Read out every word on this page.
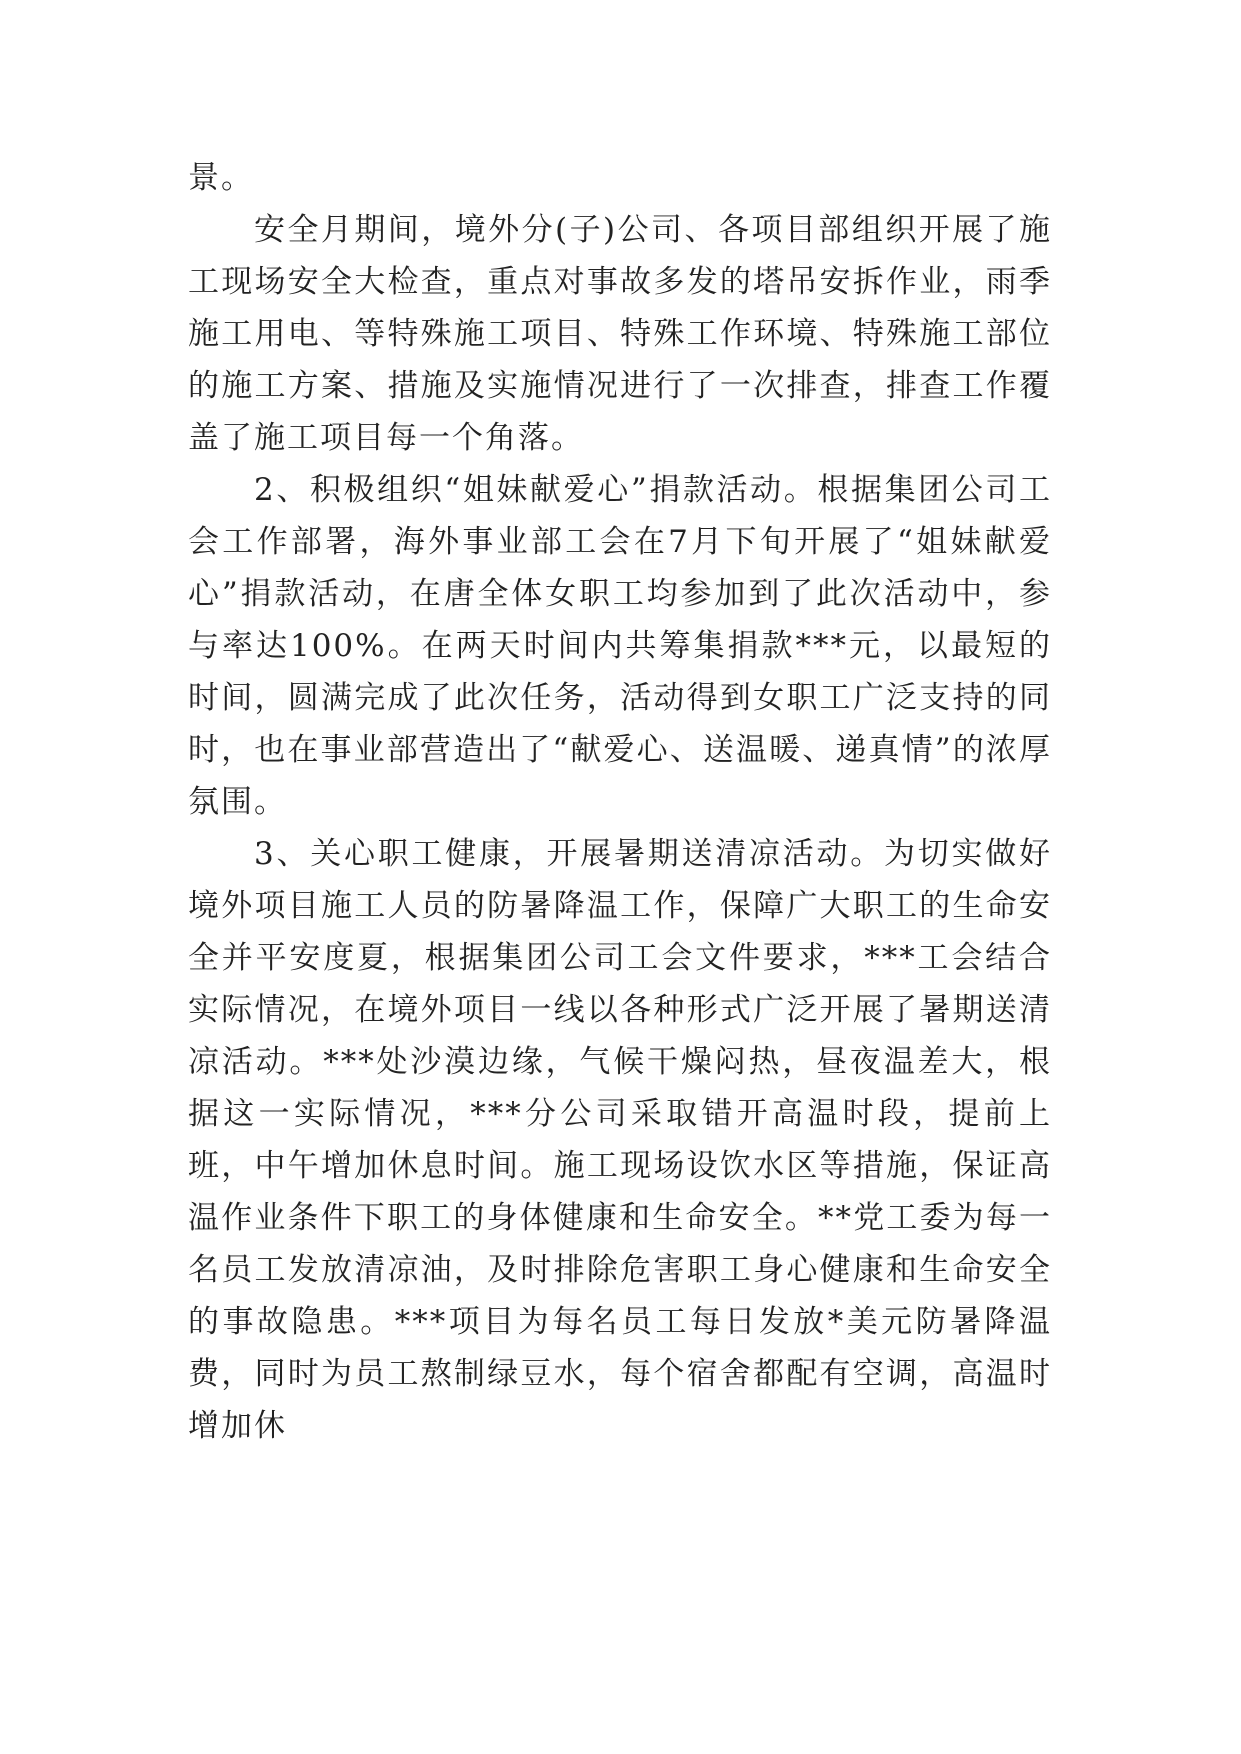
景。

安全月期间，境外分(子)公司、各项目部组织开展了施工现场安全大检查，重点对事故多发的塔吊安拆作业，雨季施工用电、等特殊施工项目、特殊工作环境、特殊施工部位的施工方案、措施及实施情况进行了一次排查，排查工作覆盖了施工项目每一个角落。

2、积极组织“姐妹献爱心”捐款活动。根据集团公司工会工作部署，海外事业部工会在7月下旬开展了“姐妹献爱心”捐款活动，在唐全体女职工均参加到了此次活动中，参与率达100%。在两天时间内共筹集捐款***元，以最短的时间，圆满完成了此次任务，活动得到女职工广泛支持的同时，也在事业部营造出了“献爱心、送温暖、递真情”的浓厚氛围。

3、关心职工健康，开展暑期送清凉活动。为切实做好境外项目施工人员的防暑降温工作，保障广大职工的生命安全并平安度夏，根据集团公司工会文件要求，***工会结合实际情况，在境外项目一线以各种形式广泛开展了暑期送清凉活动。***处沙漠边缘，气候干燥闷热，昼夜温差大，根据这一实际情况，***分公司采取错开高温时段，提前上班，中午增加休息时间。施工现场设饮水区等措施，保证高温作业条件下职工的身体健康和生命安全。**党工委为每一名员工发放清凉油，及时排除危害职工身心健康和生命安全的事故隐患。***项目为每名员工每日发放*美元防暑降温费，同时为员工熬制绿豆水，每个宿舍都配有空调，高温时增加休
